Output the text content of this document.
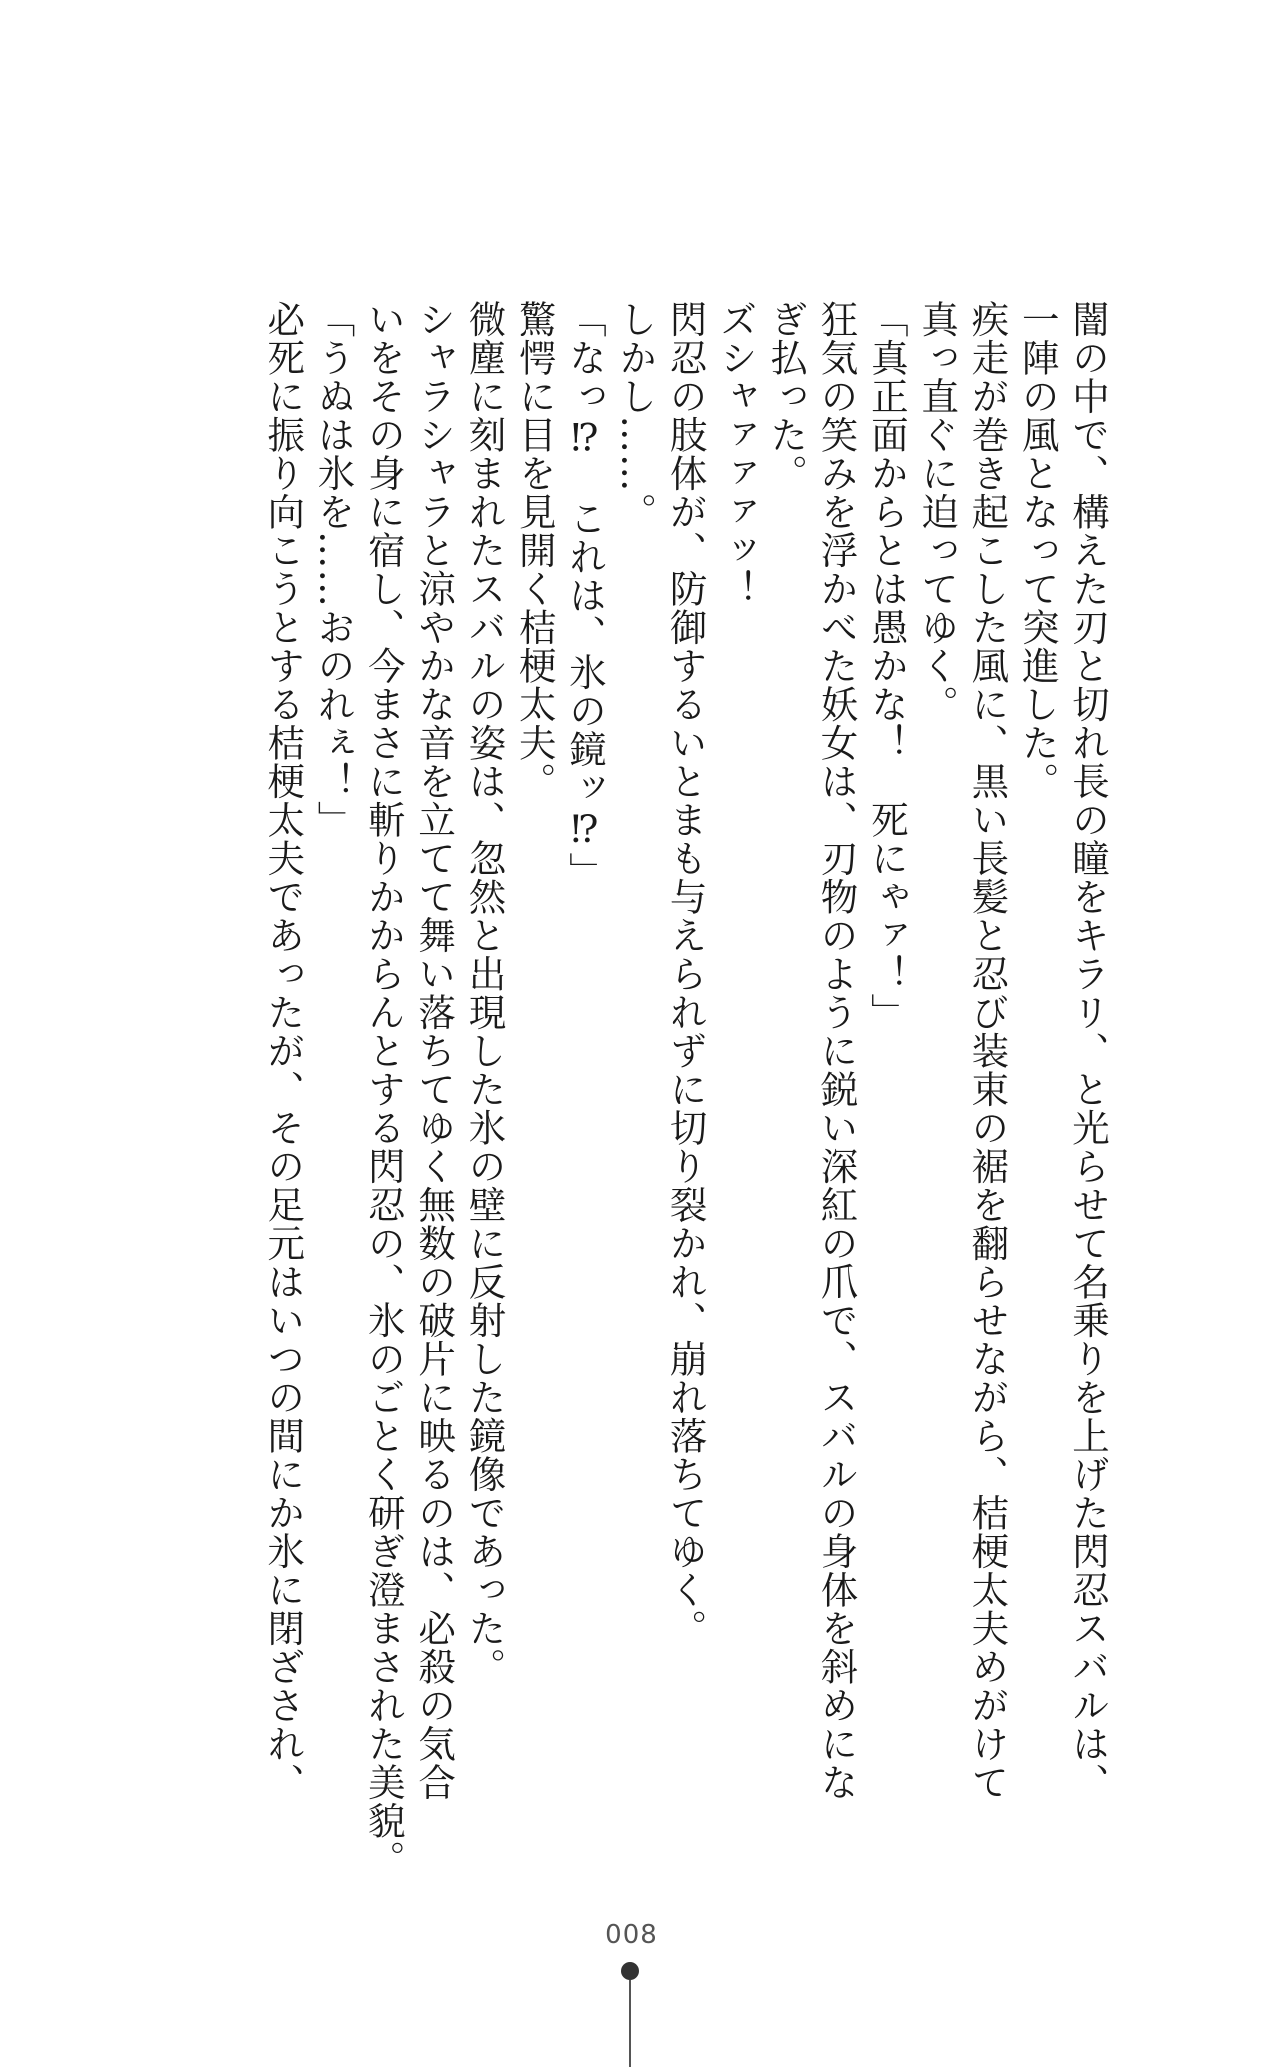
闇の中で、構えた刃と切れ長の瞳をキラリ、と光らせて名乗りを上げた閃忍スバルは、

一陣の風となって突進した。

疾走が巻き起こした風に、黒い長髪と忍び装束の裾を翻らせながら、桔梗太夫めがけて

真っ直ぐに迫ってゆく。

「真正面からとは愚かな！　死にゃァ！」

狂気の笑みを浮かべた妖女は、刃物のように鋭い深紅の爪で、スバルの身体を斜めにな

ぎ払った。

ズシャァァァッ！

閃忍の肢体が、防御するいとまも与えられずに切り裂かれ、崩れ落ちてゆく。

しかし……。

「なっ⁉　これは、氷の鏡ッ⁉」

驚愕に目を見開く桔梗太夫。

微塵に刻まれたスバルの姿は、忽然と出現した氷の壁に反射した鏡像であった。

シャラシャラと涼やかな音を立てて舞い落ちてゆく無数の破片に映るのは、必殺の気合

いをその身に宿し、今まさに斬りかからんとする閃忍の、氷のごとく研ぎ澄まされた美貌。

「うぬは氷を……おのれぇ！」

必死に振り向こうとする桔梗太夫であったが、その足元はいつの間にか氷に閉ざされ、

008
